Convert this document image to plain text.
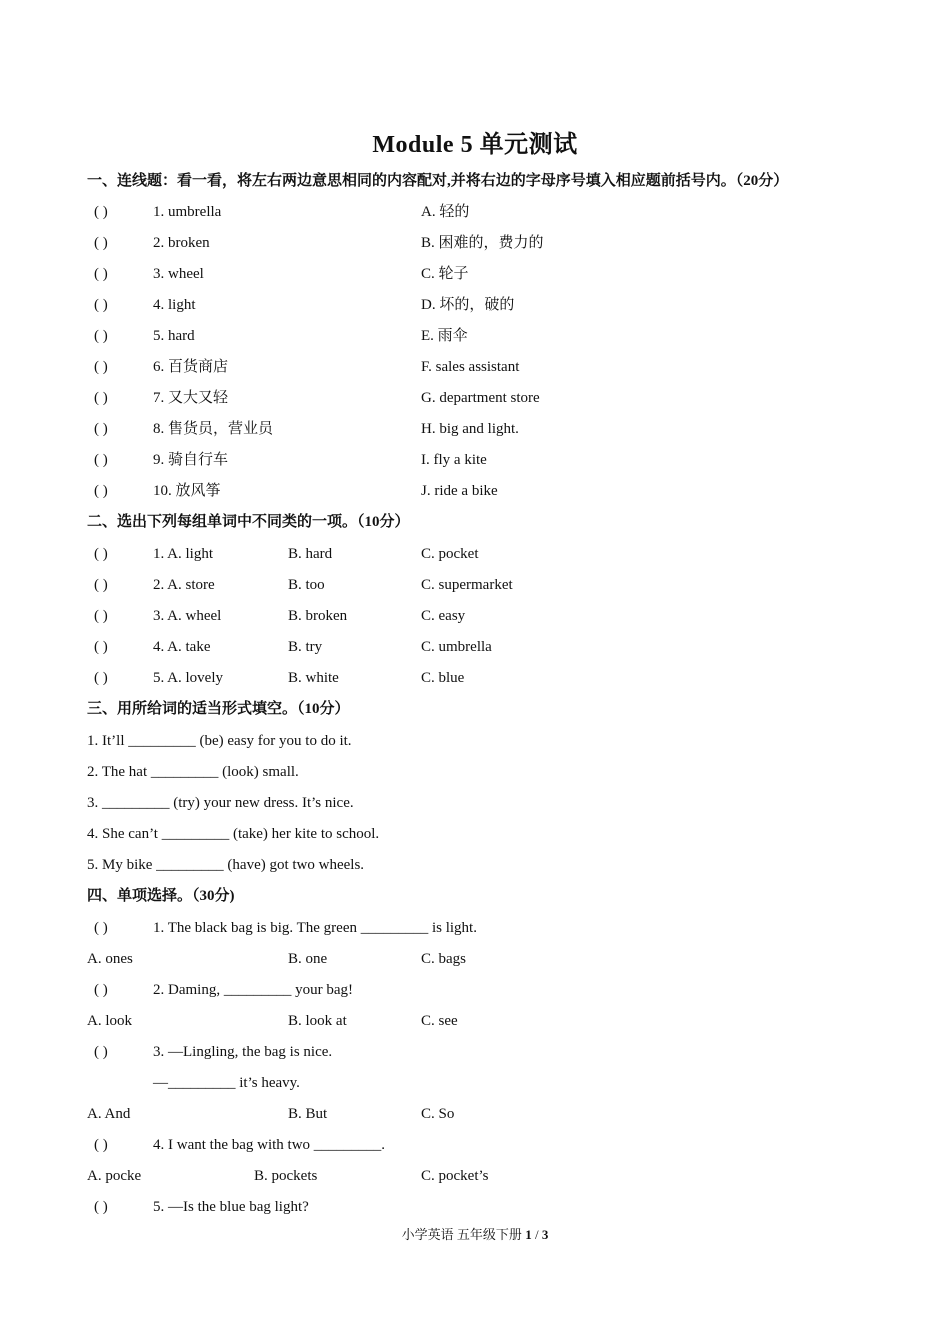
Module 5 单元测试
一、连线题：看一看，将左右两边意思相同的内容配对,并将右边的字母序号填入相应题前括号内。（20分）
( )	1. umbrella	A. 轻的
( )	2. broken	B. 困难的，费力的
( )	3. wheel	C. 轮子
( )	4. light	D. 坏的，破的
( )	5. hard	E. 雨伞
( )	6. 百货商店	F. sales assistant
( )	7. 又大又轻	G. department store
( )	8. 售货员，营业员	H. big and light.
( )	9. 骑自行车	I. fly a kite
( )	10. 放风筝	J. ride a bike
二、选出下列每组单词中不同类的一项。（10分）
( )	1. A. light	B. hard	C. pocket
( )	2. A. store	B. too	C. supermarket
( )	3. A. wheel	B. broken	C. easy
( )	4. A. take	B. try	C. umbrella
( )	5. A. lovely	B. white	C. blue
三、用所给词的适当形式填空。（10分）
1. It’ll _________ (be) easy for you to do it.
2. The hat _________ (look) small.
3. _________ (try) your new dress. It’s nice.
4. She can’t _________ (take) her kite to school.
5. My bike _________ (have) got two wheels.
四、单项选择。（30分)
( )	1. The black bag is big. The green _________ is light.
A. ones	B. one	C. bags
( )	2. Daming, _________ your bag!
A. look	B. look at	C. see
( )	3. —Lingling, the bag is nice.
—_________ it’s heavy.
A. And	B. But	C. So
( )	4. I want the bag with two _________.
A. pocke	B. pockets	C. pocket’s
( )	5. —Is the blue bag light?
小学英语 五年级下册 1 / 3
